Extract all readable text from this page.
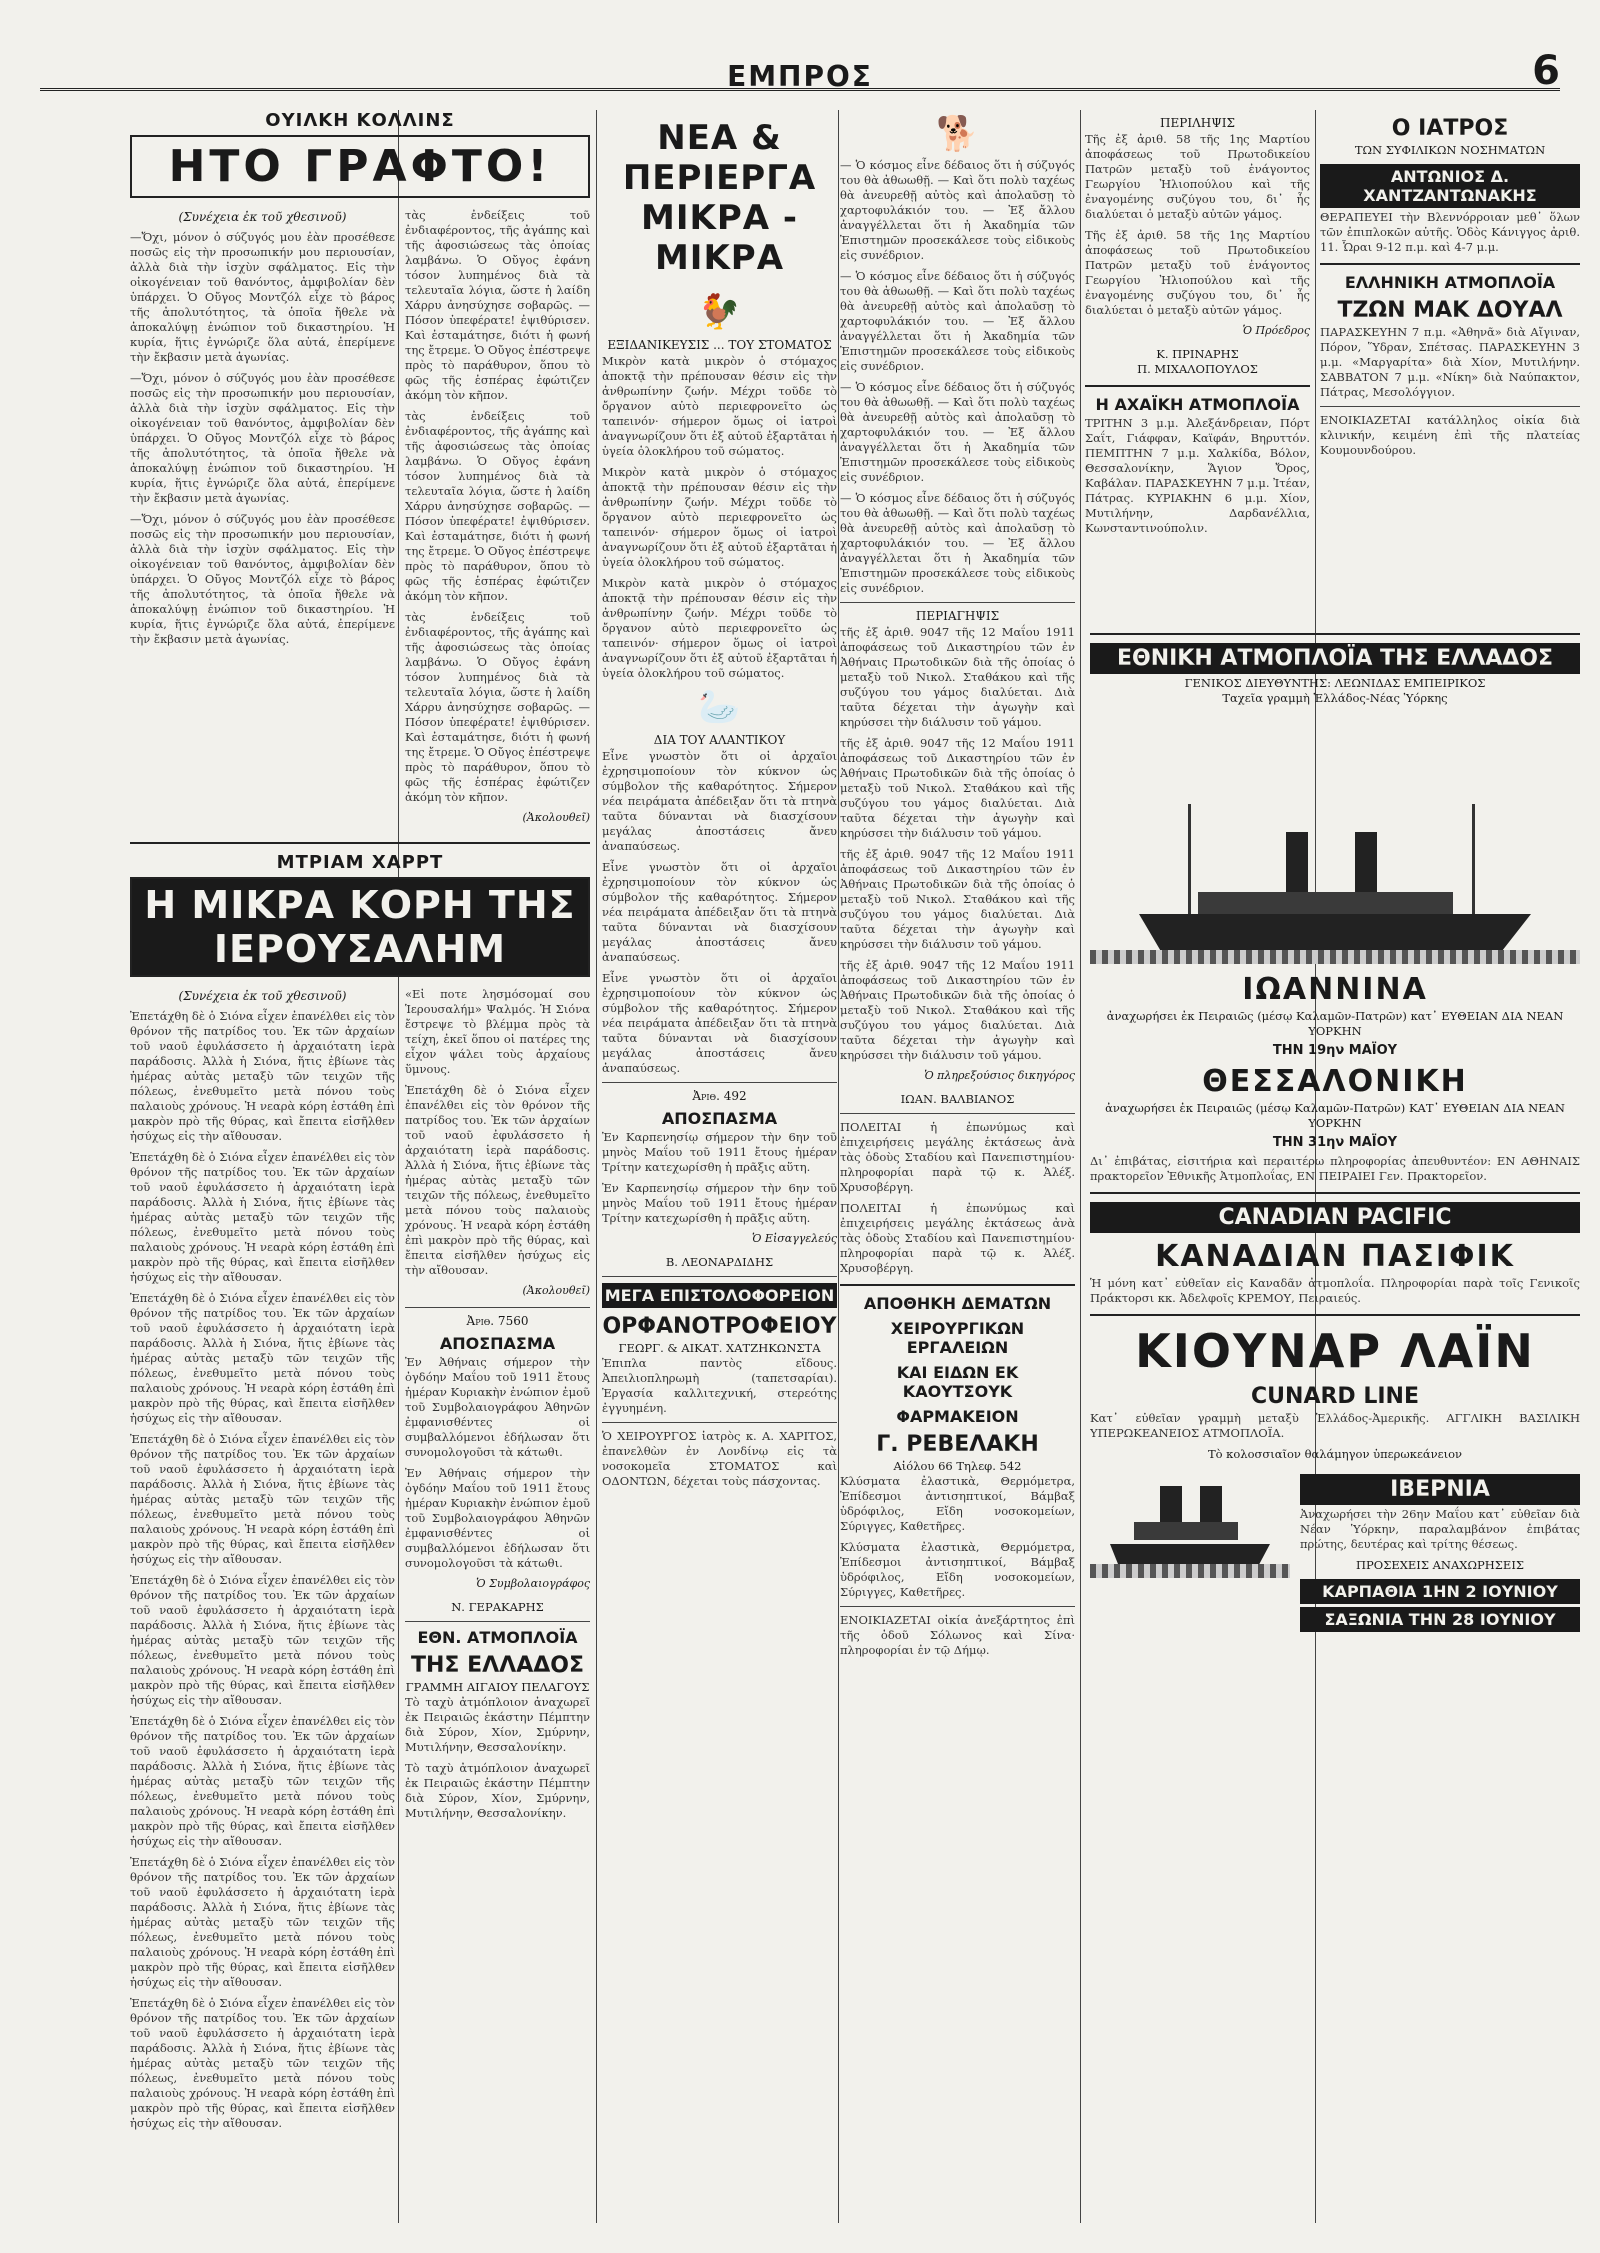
ΕΜΠΡΟΣ	6
ΟΥΙΛΚΗ ΚΟΛΛΙΝΣ
ΗΤΟ ΓΡΑΦΤΟ!
(Συνέχεια ἐκ τοῦ χθεσινοῦ)

—Ὄχι, μόνον ὁ σύζυγός μου ἐὰν προσέθεσε ποσῶς εἰς τὴν προσωπικήν μου περιουσίαν, ἀλλὰ διὰ τὴν ἰσχὺν σφάλματος. Εἰς τὴν οἰκογένειαν τοῦ θανόντος, ἀμφιβολίαν δὲν ὑπάρχει. Ὁ Οὔγος Μοντζόλ εἶχε τὸ βάρος τῆς ἀπολυτότητος, τὰ ὁποῖα ἤθελε νὰ ἀποκαλύψῃ ἐνώπιον τοῦ δικαστηρίου. Ἡ κυρία, ἥτις ἐγνώριζε ὅλα αὐτά, ἐπερίμενε τὴν ἔκβασιν μετὰ ἀγωνίας.

—Ὄχι, μόνον ὁ σύζυγός μου ἐὰν προσέθεσε ποσῶς εἰς τὴν προσωπικήν μου περιουσίαν, ἀλλὰ διὰ τὴν ἰσχὺν σφάλματος. Εἰς τὴν οἰκογένειαν τοῦ θανόντος, ἀμφιβολίαν δὲν ὑπάρχει. Ὁ Οὔγος Μοντζόλ εἶχε τὸ βάρος τῆς ἀπολυτότητος, τὰ ὁποῖα ἤθελε νὰ ἀποκαλύψῃ ἐνώπιον τοῦ δικαστηρίου. Ἡ κυρία, ἥτις ἐγνώριζε ὅλα αὐτά, ἐπερίμενε τὴν ἔκβασιν μετὰ ἀγωνίας.

—Ὄχι, μόνον ὁ σύζυγός μου ἐὰν προσέθεσε ποσῶς εἰς τὴν προσωπικήν μου περιουσίαν, ἀλλὰ διὰ τὴν ἰσχὺν σφάλματος. Εἰς τὴν οἰκογένειαν τοῦ θανόντος, ἀμφιβολίαν δὲν ὑπάρχει. Ὁ Οὔγος Μοντζόλ εἶχε τὸ βάρος τῆς ἀπολυτότητος, τὰ ὁποῖα ἤθελε νὰ ἀποκαλύψῃ ἐνώπιον τοῦ δικαστηρίου. Ἡ κυρία, ἥτις ἐγνώριζε ὅλα αὐτά, ἐπερίμενε τὴν ἔκβασιν μετὰ ἀγωνίας.

τὰς ἐνδείξεις τοῦ ἐνδιαφέροντος, τῆς ἀγάπης καὶ τῆς ἀφοσιώσεως τὰς ὁποίας λαμβάνω. Ὁ Οὔγος ἐφάνη τόσον λυπημένος διὰ τὰ τελευταῖα λόγια, ὥστε ἡ λαίδη Χάρρυ ἀνησύχησε σοβαρῶς. — Πόσον ὑπεφέρατε! ἐψιθύρισεν. Καὶ ἐσταμάτησε, διότι ἡ φωνή της ἔτρεμε. Ὁ Οὔγος ἐπέστρεψε πρὸς τὸ παράθυρον, ὅπου τὸ φῶς τῆς ἑσπέρας ἐφώτιζεν ἀκόμη τὸν κῆπον.

τὰς ἐνδείξεις τοῦ ἐνδιαφέροντος, τῆς ἀγάπης καὶ τῆς ἀφοσιώσεως τὰς ὁποίας λαμβάνω. Ὁ Οὔγος ἐφάνη τόσον λυπημένος διὰ τὰ τελευταῖα λόγια, ὥστε ἡ λαίδη Χάρρυ ἀνησύχησε σοβαρῶς. — Πόσον ὑπεφέρατε! ἐψιθύρισεν. Καὶ ἐσταμάτησε, διότι ἡ φωνή της ἔτρεμε. Ὁ Οὔγος ἐπέστρεψε πρὸς τὸ παράθυρον, ὅπου τὸ φῶς τῆς ἑσπέρας ἐφώτιζεν ἀκόμη τὸν κῆπον.

τὰς ἐνδείξεις τοῦ ἐνδιαφέροντος, τῆς ἀγάπης καὶ τῆς ἀφοσιώσεως τὰς ὁποίας λαμβάνω. Ὁ Οὔγος ἐφάνη τόσον λυπημένος διὰ τὰ τελευταῖα λόγια, ὥστε ἡ λαίδη Χάρρυ ἀνησύχησε σοβαρῶς. — Πόσον ὑπεφέρατε! ἐψιθύρισεν. Καὶ ἐσταμάτησε, διότι ἡ φωνή της ἔτρεμε. Ὁ Οὔγος ἐπέστρεψε πρὸς τὸ παράθυρον, ὅπου τὸ φῶς τῆς ἑσπέρας ἐφώτιζεν ἀκόμη τὸν κῆπον.

(Ἀκολουθεῖ)
ΜΤΡΙΑΜ ΧΑΡΡΤ
Η ΜΙΚΡΑ ΚΟΡΗ ΤΗΣ ΙΕΡΟΥΣΑΛΗΜ
(Συνέχεια ἐκ τοῦ χθεσινοῦ)

Ἐπετάχθη δὲ ὁ Σιόνα εἶχεν ἐπανέλθει εἰς τὸν θρόνον τῆς πατρίδος του. Ἐκ τῶν ἀρχαίων τοῦ ναοῦ ἐφυλάσσετο ἡ ἀρχαιότατη ἱερὰ παράδοσις. Ἀλλὰ ἡ Σιόνα, ἥτις ἐβίωνε τὰς ἡμέρας αὐτὰς μεταξὺ τῶν τειχῶν τῆς πόλεως, ἐνεθυμεῖτο μετὰ πόνου τοὺς παλαιοὺς χρόνους. Ἡ νεαρὰ κόρη ἐστάθη ἐπὶ μακρὸν πρὸ τῆς θύρας, καὶ ἔπειτα εἰσῆλθεν ἡσύχως εἰς τὴν αἴθουσαν.

Ἐπετάχθη δὲ ὁ Σιόνα εἶχεν ἐπανέλθει εἰς τὸν θρόνον τῆς πατρίδος του. Ἐκ τῶν ἀρχαίων τοῦ ναοῦ ἐφυλάσσετο ἡ ἀρχαιότατη ἱερὰ παράδοσις. Ἀλλὰ ἡ Σιόνα, ἥτις ἐβίωνε τὰς ἡμέρας αὐτὰς μεταξὺ τῶν τειχῶν τῆς πόλεως, ἐνεθυμεῖτο μετὰ πόνου τοὺς παλαιοὺς χρόνους. Ἡ νεαρὰ κόρη ἐστάθη ἐπὶ μακρὸν πρὸ τῆς θύρας, καὶ ἔπειτα εἰσῆλθεν ἡσύχως εἰς τὴν αἴθουσαν.

Ἐπετάχθη δὲ ὁ Σιόνα εἶχεν ἐπανέλθει εἰς τὸν θρόνον τῆς πατρίδος του. Ἐκ τῶν ἀρχαίων τοῦ ναοῦ ἐφυλάσσετο ἡ ἀρχαιότατη ἱερὰ παράδοσις. Ἀλλὰ ἡ Σιόνα, ἥτις ἐβίωνε τὰς ἡμέρας αὐτὰς μεταξὺ τῶν τειχῶν τῆς πόλεως, ἐνεθυμεῖτο μετὰ πόνου τοὺς παλαιοὺς χρόνους. Ἡ νεαρὰ κόρη ἐστάθη ἐπὶ μακρὸν πρὸ τῆς θύρας, καὶ ἔπειτα εἰσῆλθεν ἡσύχως εἰς τὴν αἴθουσαν.

Ἐπετάχθη δὲ ὁ Σιόνα εἶχεν ἐπανέλθει εἰς τὸν θρόνον τῆς πατρίδος του. Ἐκ τῶν ἀρχαίων τοῦ ναοῦ ἐφυλάσσετο ἡ ἀρχαιότατη ἱερὰ παράδοσις. Ἀλλὰ ἡ Σιόνα, ἥτις ἐβίωνε τὰς ἡμέρας αὐτὰς μεταξὺ τῶν τειχῶν τῆς πόλεως, ἐνεθυμεῖτο μετὰ πόνου τοὺς παλαιοὺς χρόνους. Ἡ νεαρὰ κόρη ἐστάθη ἐπὶ μακρὸν πρὸ τῆς θύρας, καὶ ἔπειτα εἰσῆλθεν ἡσύχως εἰς τὴν αἴθουσαν.

Ἐπετάχθη δὲ ὁ Σιόνα εἶχεν ἐπανέλθει εἰς τὸν θρόνον τῆς πατρίδος του. Ἐκ τῶν ἀρχαίων τοῦ ναοῦ ἐφυλάσσετο ἡ ἀρχαιότατη ἱερὰ παράδοσις. Ἀλλὰ ἡ Σιόνα, ἥτις ἐβίωνε τὰς ἡμέρας αὐτὰς μεταξὺ τῶν τειχῶν τῆς πόλεως, ἐνεθυμεῖτο μετὰ πόνου τοὺς παλαιοὺς χρόνους. Ἡ νεαρὰ κόρη ἐστάθη ἐπὶ μακρὸν πρὸ τῆς θύρας, καὶ ἔπειτα εἰσῆλθεν ἡσύχως εἰς τὴν αἴθουσαν.

Ἐπετάχθη δὲ ὁ Σιόνα εἶχεν ἐπανέλθει εἰς τὸν θρόνον τῆς πατρίδος του. Ἐκ τῶν ἀρχαίων τοῦ ναοῦ ἐφυλάσσετο ἡ ἀρχαιότατη ἱερὰ παράδοσις. Ἀλλὰ ἡ Σιόνα, ἥτις ἐβίωνε τὰς ἡμέρας αὐτὰς μεταξὺ τῶν τειχῶν τῆς πόλεως, ἐνεθυμεῖτο μετὰ πόνου τοὺς παλαιοὺς χρόνους. Ἡ νεαρὰ κόρη ἐστάθη ἐπὶ μακρὸν πρὸ τῆς θύρας, καὶ ἔπειτα εἰσῆλθεν ἡσύχως εἰς τὴν αἴθουσαν.

Ἐπετάχθη δὲ ὁ Σιόνα εἶχεν ἐπανέλθει εἰς τὸν θρόνον τῆς πατρίδος του. Ἐκ τῶν ἀρχαίων τοῦ ναοῦ ἐφυλάσσετο ἡ ἀρχαιότατη ἱερὰ παράδοσις. Ἀλλὰ ἡ Σιόνα, ἥτις ἐβίωνε τὰς ἡμέρας αὐτὰς μεταξὺ τῶν τειχῶν τῆς πόλεως, ἐνεθυμεῖτο μετὰ πόνου τοὺς παλαιοὺς χρόνους. Ἡ νεαρὰ κόρη ἐστάθη ἐπὶ μακρὸν πρὸ τῆς θύρας, καὶ ἔπειτα εἰσῆλθεν ἡσύχως εἰς τὴν αἴθουσαν.

Ἐπετάχθη δὲ ὁ Σιόνα εἶχεν ἐπανέλθει εἰς τὸν θρόνον τῆς πατρίδος του. Ἐκ τῶν ἀρχαίων τοῦ ναοῦ ἐφυλάσσετο ἡ ἀρχαιότατη ἱερὰ παράδοσις. Ἀλλὰ ἡ Σιόνα, ἥτις ἐβίωνε τὰς ἡμέρας αὐτὰς μεταξὺ τῶν τειχῶν τῆς πόλεως, ἐνεθυμεῖτο μετὰ πόνου τοὺς παλαιοὺς χρόνους. Ἡ νεαρὰ κόρη ἐστάθη ἐπὶ μακρὸν πρὸ τῆς θύρας, καὶ ἔπειτα εἰσῆλθεν ἡσύχως εἰς τὴν αἴθουσαν.

«Εἰ ποτε λησμόσομαί σου Ἱερουσαλήμ» Ψαλμός. Ἡ Σιόνα ἔστρεψε τὸ βλέμμα πρὸς τὰ τείχη, ἐκεῖ ὅπου οἱ πατέρες της εἶχον ψάλει τοὺς ἀρχαίους ὕμνους.

Ἐπετάχθη δὲ ὁ Σιόνα εἶχεν ἐπανέλθει εἰς τὸν θρόνον τῆς πατρίδος του. Ἐκ τῶν ἀρχαίων τοῦ ναοῦ ἐφυλάσσετο ἡ ἀρχαιότατη ἱερὰ παράδοσις. Ἀλλὰ ἡ Σιόνα, ἥτις ἐβίωνε τὰς ἡμέρας αὐτὰς μεταξὺ τῶν τειχῶν τῆς πόλεως, ἐνεθυμεῖτο μετὰ πόνου τοὺς παλαιοὺς χρόνους. Ἡ νεαρὰ κόρη ἐστάθη ἐπὶ μακρὸν πρὸ τῆς θύρας, καὶ ἔπειτα εἰσῆλθεν ἡσύχως εἰς τὴν αἴθουσαν.

(Ἀκολουθεῖ)
Ἀριθ. 7560
ΑΠΟΣΠΑΣΜΑ

Ἐν Ἀθήναις σήμερον τὴν ὀγδόην Μαΐου τοῦ 1911 ἔτους ἡμέραν Κυριακὴν ἐνώπιον ἐμοῦ τοῦ Συμβολαιογράφου Ἀθηνῶν ἐμφανισθέντες οἱ συμβαλλόμενοι ἐδήλωσαν ὅτι συνομολογοῦσι τὰ κάτωθι.

Ἐν Ἀθήναις σήμερον τὴν ὀγδόην Μαΐου τοῦ 1911 ἔτους ἡμέραν Κυριακὴν ἐνώπιον ἐμοῦ τοῦ Συμβολαιογράφου Ἀθηνῶν ἐμφανισθέντες οἱ συμβαλλόμενοι ἐδήλωσαν ὅτι συνομολογοῦσι τὰ κάτωθι.

Ὁ Συμβολαιογράφος
Ν. ΓΕΡΑΚΑΡΗΣ
ΕΘΝ. ΑΤΜΟΠΛΟΪΑ
ΤΗΣ ΕΛΛΑΔΟΣ
ΓΡΑΜΜΗ ΑΙΓΑΙΟΥ ΠΕΛΑΓΟΥΣ

Τὸ ταχὺ ἀτμόπλοιον ἀναχωρεῖ ἐκ Πειραιῶς ἑκάστην Πέμπτην διὰ Σύρον, Χίον, Σμύρνην, Μυτιλήνην, Θεσσαλονίκην.

Τὸ ταχὺ ἀτμόπλοιον ἀναχωρεῖ ἐκ Πειραιῶς ἑκάστην Πέμπτην διὰ Σύρον, Χίον, Σμύρνην, Μυτιλήνην, Θεσσαλονίκην.

ΝΕΑ & ΠΕΡΙΕΡΓΑ ΜΙΚΡΑ - ΜΙΚΡΑ
🐓
ΕΞΙΔΑΝΙΚΕΥΣΙΣ ... ΤΟΥ ΣΤΟΜΑΤΟΣ

Μικρὸν κατὰ μικρὸν ὁ στόμαχος ἀποκτᾷ τὴν πρέπουσαν θέσιν εἰς τὴν ἀνθρωπίνην ζωήν. Μέχρι τοῦδε τὸ ὄργανον αὐτὸ περιεφρονεῖτο ὡς ταπεινόν· σήμερον ὅμως οἱ ἰατροὶ ἀναγνωρίζουν ὅτι ἐξ αὐτοῦ ἐξαρτᾶται ἡ ὑγεία ὁλοκλήρου τοῦ σώματος.

Μικρὸν κατὰ μικρὸν ὁ στόμαχος ἀποκτᾷ τὴν πρέπουσαν θέσιν εἰς τὴν ἀνθρωπίνην ζωήν. Μέχρι τοῦδε τὸ ὄργανον αὐτὸ περιεφρονεῖτο ὡς ταπεινόν· σήμερον ὅμως οἱ ἰατροὶ ἀναγνωρίζουν ὅτι ἐξ αὐτοῦ ἐξαρτᾶται ἡ ὑγεία ὁλοκλήρου τοῦ σώματος.

Μικρὸν κατὰ μικρὸν ὁ στόμαχος ἀποκτᾷ τὴν πρέπουσαν θέσιν εἰς τὴν ἀνθρωπίνην ζωήν. Μέχρι τοῦδε τὸ ὄργανον αὐτὸ περιεφρονεῖτο ὡς ταπεινόν· σήμερον ὅμως οἱ ἰατροὶ ἀναγνωρίζουν ὅτι ἐξ αὐτοῦ ἐξαρτᾶται ἡ ὑγεία ὁλοκλήρου τοῦ σώματος.

🦢
ΔΙΑ ΤΟΥ ΑΛΑΝΤΙΚΟΥ

Εἶνε γνωστὸν ὅτι οἱ ἀρχαῖοι ἐχρησιμοποίουν τὸν κύκνον ὡς σύμβολον τῆς καθαρότητος. Σήμερον νέα πειράματα ἀπέδειξαν ὅτι τὰ πτηνὰ ταῦτα δύνανται νὰ διασχίσουν μεγάλας ἀποστάσεις ἄνευ ἀναπαύσεως.

Εἶνε γνωστὸν ὅτι οἱ ἀρχαῖοι ἐχρησιμοποίουν τὸν κύκνον ὡς σύμβολον τῆς καθαρότητος. Σήμερον νέα πειράματα ἀπέδειξαν ὅτι τὰ πτηνὰ ταῦτα δύνανται νὰ διασχίσουν μεγάλας ἀποστάσεις ἄνευ ἀναπαύσεως.

Εἶνε γνωστὸν ὅτι οἱ ἀρχαῖοι ἐχρησιμοποίουν τὸν κύκνον ὡς σύμβολον τῆς καθαρότητος. Σήμερον νέα πειράματα ἀπέδειξαν ὅτι τὰ πτηνὰ ταῦτα δύνανται νὰ διασχίσουν μεγάλας ἀποστάσεις ἄνευ ἀναπαύσεως.

Ἀριθ. 492
ΑΠΟΣΠΑΣΜΑ

Ἐν Καρπενησίῳ σήμερον τὴν 6ην τοῦ μηνὸς Μαΐου τοῦ 1911 ἔτους ἡμέραν Τρίτην κατεχωρίσθη ἡ πρᾶξις αὕτη.

Ἐν Καρπενησίῳ σήμερον τὴν 6ην τοῦ μηνὸς Μαΐου τοῦ 1911 ἔτους ἡμέραν Τρίτην κατεχωρίσθη ἡ πρᾶξις αὕτη.

Ὁ Εἰσαγγελεύς
Β. ΛΕΟΝΑΡΔΙΔΗΣ
ΜΕΓΑ ΕΠΙΣΤΟΛΟΦΟΡΕΙΟΝ
ΟΡΦΑΝΟΤΡΟΦΕΙΟΥ
ΓΕΩΡΓ. & ΑΙΚΑΤ. ΧΑΤΖΗΚΩΝΣΤΑ

Ἐπιπλα παντὸς εἴδους. Ἀπειλιοπληρωμὴ (ταπετσαρίαι). Ἐργασία καλλιτεχνική, στερεότης ἐγγυημένη.

Ὁ ΧΕΙΡΟΥΡΓΟΣ ἰατρὸς κ. Α. ΧΑΡΙΤΟΣ, ἐπανελθὼν ἐν Λονδίνῳ εἰς τὰ νοσοκομεῖα ΣΤΟΜΑΤΟΣ καὶ ΟΔΟΝΤΩΝ, δέχεται τοὺς πάσχοντας.

🐕

— Ὁ κόσμος εἶνε δέδαιος ὅτι ἡ σύζυγός του θὰ ἀθωωθῇ. — Καὶ ὅτι πολὺ ταχέως θὰ ἀνευρεθῇ αὐτὸς καὶ ἀπολαῦσῃ τὸ χαρτοφυλάκιόν του. — Ἐξ ἄλλου ἀναγγέλλεται ὅτι ἡ Ἀκαδημία τῶν Ἐπιστημῶν προσεκάλεσε τοὺς εἰδικοὺς εἰς συνέδριον.

— Ὁ κόσμος εἶνε δέδαιος ὅτι ἡ σύζυγός του θὰ ἀθωωθῇ. — Καὶ ὅτι πολὺ ταχέως θὰ ἀνευρεθῇ αὐτὸς καὶ ἀπολαῦσῃ τὸ χαρτοφυλάκιόν του. — Ἐξ ἄλλου ἀναγγέλλεται ὅτι ἡ Ἀκαδημία τῶν Ἐπιστημῶν προσεκάλεσε τοὺς εἰδικοὺς εἰς συνέδριον.

— Ὁ κόσμος εἶνε δέδαιος ὅτι ἡ σύζυγός του θὰ ἀθωωθῇ. — Καὶ ὅτι πολὺ ταχέως θὰ ἀνευρεθῇ αὐτὸς καὶ ἀπολαῦσῃ τὸ χαρτοφυλάκιόν του. — Ἐξ ἄλλου ἀναγγέλλεται ὅτι ἡ Ἀκαδημία τῶν Ἐπιστημῶν προσεκάλεσε τοὺς εἰδικοὺς εἰς συνέδριον.

— Ὁ κόσμος εἶνε δέδαιος ὅτι ἡ σύζυγός του θὰ ἀθωωθῇ. — Καὶ ὅτι πολὺ ταχέως θὰ ἀνευρεθῇ αὐτὸς καὶ ἀπολαῦσῃ τὸ χαρτοφυλάκιόν του. — Ἐξ ἄλλου ἀναγγέλλεται ὅτι ἡ Ἀκαδημία τῶν Ἐπιστημῶν προσεκάλεσε τοὺς εἰδικοὺς εἰς συνέδριον.

ΠΕΡΙΑΓΗΨΙΣ

τῆς ἐξ ἀριθ. 9047 τῆς 12 Μαΐου 1911 ἀποφάσεως τοῦ Δικαστηρίου τῶν ἐν Ἀθήναις Πρωτοδικῶν διὰ τῆς ὁποίας ὁ μεταξὺ τοῦ Νικολ. Σταθάκου καὶ τῆς συζύγου του γάμος διαλύεται. Διὰ ταῦτα δέχεται τὴν ἀγωγὴν καὶ κηρύσσει τὴν διάλυσιν τοῦ γάμου.

τῆς ἐξ ἀριθ. 9047 τῆς 12 Μαΐου 1911 ἀποφάσεως τοῦ Δικαστηρίου τῶν ἐν Ἀθήναις Πρωτοδικῶν διὰ τῆς ὁποίας ὁ μεταξὺ τοῦ Νικολ. Σταθάκου καὶ τῆς συζύγου του γάμος διαλύεται. Διὰ ταῦτα δέχεται τὴν ἀγωγὴν καὶ κηρύσσει τὴν διάλυσιν τοῦ γάμου.

τῆς ἐξ ἀριθ. 9047 τῆς 12 Μαΐου 1911 ἀποφάσεως τοῦ Δικαστηρίου τῶν ἐν Ἀθήναις Πρωτοδικῶν διὰ τῆς ὁποίας ὁ μεταξὺ τοῦ Νικολ. Σταθάκου καὶ τῆς συζύγου του γάμος διαλύεται. Διὰ ταῦτα δέχεται τὴν ἀγωγὴν καὶ κηρύσσει τὴν διάλυσιν τοῦ γάμου.

τῆς ἐξ ἀριθ. 9047 τῆς 12 Μαΐου 1911 ἀποφάσεως τοῦ Δικαστηρίου τῶν ἐν Ἀθήναις Πρωτοδικῶν διὰ τῆς ὁποίας ὁ μεταξὺ τοῦ Νικολ. Σταθάκου καὶ τῆς συζύγου του γάμος διαλύεται. Διὰ ταῦτα δέχεται τὴν ἀγωγὴν καὶ κηρύσσει τὴν διάλυσιν τοῦ γάμου.

Ὁ πληρεξούσιος δικηγόρος
ΙΩΑΝ. ΒΑΛΒΙΑΝΟΣ

ΠΟΛΕΙΤΑΙ ἡ ἐπωνύμως καὶ ἐπιχειρήσεις μεγάλης ἐκτάσεως ἀνὰ τὰς ὁδοὺς Σταδίου καὶ Πανεπιστημίου· πληροφορίαι παρὰ τῷ κ. Ἀλέξ. Χρυσοβέργη.

ΠΟΛΕΙΤΑΙ ἡ ἐπωνύμως καὶ ἐπιχειρήσεις μεγάλης ἐκτάσεως ἀνὰ τὰς ὁδοὺς Σταδίου καὶ Πανεπιστημίου· πληροφορίαι παρὰ τῷ κ. Ἀλέξ. Χρυσοβέργη.

ΑΠΟΘΗΚΗ ΔΕΜΑΤΩΝ
ΧΕΙΡΟΥΡΓΙΚΩΝ ΕΡΓΑΛΕΙΩΝ
ΚΑΙ ΕΙΔΩΝ ΕΚ ΚΑΟΥΤΣΟΥΚ
ΦΑΡΜΑΚΕΙΟΝ
Γ. ΡΕΒΕΛΑΚΗ
Αἰόλου 66 Τηλεφ. 542

Κλύσματα ἐλαστικὰ, Θερμόμετρα, Ἐπίδεσμοι ἀντισηπτικοί, Βάμβαξ ὑδρόφιλος, Εἴδη νοσοκομείων, Σύριγγες, Καθετῆρες.

Κλύσματα ἐλαστικὰ, Θερμόμετρα, Ἐπίδεσμοι ἀντισηπτικοί, Βάμβαξ ὑδρόφιλος, Εἴδη νοσοκομείων, Σύριγγες, Καθετῆρες.

ΕΝΟΙΚΙΑΖΕΤΑΙ οἰκία ἀνεξάρτητος ἐπὶ τῆς ὁδοῦ Σόλωνος καὶ Σίνα· πληροφορίαι ἐν τῷ Δήμῳ.

ΠΕΡΙΛΗΨΙΣ

Τῆς ἐξ ἀριθ. 58 τῆς 1ης Μαρτίου ἀποφάσεως τοῦ Πρωτοδικείου Πατρῶν μεταξὺ τοῦ ἐνάγοντος Γεωργίου Ἠλιοπούλου καὶ τῆς ἐναγομένης συζύγου του, δι᾽ ἧς διαλύεται ὁ μεταξὺ αὐτῶν γάμος.

Τῆς ἐξ ἀριθ. 58 τῆς 1ης Μαρτίου ἀποφάσεως τοῦ Πρωτοδικείου Πατρῶν μεταξὺ τοῦ ἐνάγοντος Γεωργίου Ἠλιοπούλου καὶ τῆς ἐναγομένης συζύγου του, δι᾽ ἧς διαλύεται ὁ μεταξὺ αὐτῶν γάμος.

Ὁ Πρόεδρος
Κ. ΠΡΙΝΑΡΗΣ
Π. ΜΙΧΑΛΟΠΟΥΛΟΣ
Η ΑΧΑΪΚΗ ΑΤΜΟΠΛΟΪΑ

ΤΡΙΤΗΝ 3 μ.μ. Ἀλεξάνδρειαν, Πόρτ Σαΐτ, Γιάφφαν, Καϊφάν, Βηρυττόν. ΠΕΜΠΤΗΝ 7 μ.μ. Χαλκίδα, Βόλον, Θεσσαλονίκην, Ἅγιον Ὄρος, Καβάλαν. ΠΑΡΑΣΚΕΥΗΝ 7 μ.μ. Ἰτέαν, Πάτρας. ΚΥΡΙΑΚΗΝ 6 μ.μ. Χίον, Μυτιλήνην, Δαρδανέλλια, Κωνσταντινούπολιν.

Ο ΙΑΤΡΟΣ
ΤΩΝ ΣΥΦΙΛΙΚΩΝ ΝΟΣΗΜΑΤΩΝ
ΑΝΤΩΝΙΟΣ Δ. ΧΑΝΤΖΑΝΤΩΝΑΚΗΣ

ΘΕΡΑΠΕΥΕΙ τὴν Βλεννόρροιαν μεθ᾽ ὅλων τῶν ἐπιπλοκῶν αὐτῆς. Ὁδὸς Κάνιγγος ἀριθ. 11. Ὧραι 9-12 π.μ. καὶ 4-7 μ.μ.

ΕΛΛΗΝΙΚΗ ΑΤΜΟΠΛΟΪΑ
ΤΖΩΝ ΜΑΚ ΔΟΥΑΛ

ΠΑΡΑΣΚΕΥΗΝ 7 π.μ. «Ἀθηνᾶ» διὰ Αἴγιναν, Πόρον, Ὕδραν, Σπέτσας. ΠΑΡΑΣΚΕΥΗΝ 3 μ.μ. «Μαργαρίτα» διὰ Χίον, Μυτιλήνην. ΣΑΒΒΑΤΟΝ 7 μ.μ. «Νίκη» διὰ Ναύπακτον, Πάτρας, Μεσολόγγιον.

ΕΝΟΙΚΙΑΖΕΤΑΙ κατάλληλος οἰκία διὰ κλινικήν, κειμένη ἐπὶ τῆς πλατείας Κουμουνδούρου.

ΕΘΝΙΚΗ ΑΤΜΟΠΛΟΪΑ ΤΗΣ ΕΛΛΑΔΟΣ
ΓΕΝΙΚΟΣ ΔΙΕΥΘΥΝΤΗΣ: ΛΕΩΝΙΔΑΣ ΕΜΠΕΙΡΙΚΟΣ
Ταχεῖα γραμμὴ Ἑλλάδος-Νέας Ὑόρκης
ΙΩΑΝΝΙΝΑ
ἀναχωρήσει ἐκ Πειραιῶς (μέσῳ Καλαμῶν-Πατρῶν) κατ᾽ ΕΥΘΕΙΑΝ ΔΙΑ ΝΕΑΝ ΥΟΡΚΗΝ
ΤΗΝ 19ην ΜΑΪΟΥ
ΘΕΣΣΑΛΟΝΙΚΗ
ἀναχωρήσει ἐκ Πειραιῶς (μέσῳ Καλαμῶν-Πατρῶν) ΚΑΤ᾽ ΕΥΘΕΙΑΝ ΔΙΑ ΝΕΑΝ ΥΟΡΚΗΝ
ΤΗΝ 31ην ΜΑΪΟΥ

Δι᾽ ἐπιβάτας, εἰσιτήρια καὶ περαιτέρω πληροφορίας ἀπευθυντέον: ΕΝ ΑΘΗΝΑΙΣ πρακτορεῖον Ἐθνικῆς Ἀτμοπλοΐας, ΕΝ ΠΕΙΡΑΙΕΙ Γεν. Πρακτορεῖον.

CANADIAN PACIFIC
ΚΑΝΑΔΙΑΝ ΠΑΣΙΦΙΚ

Ἡ μόνη κατ᾽ εὐθεῖαν εἰς Καναδᾶν ἀτμοπλοΐα. Πληροφορίαι παρὰ τοῖς Γενικοῖς Πράκτορσι κκ. Ἀδελφοῖς ΚΡΕΜΟΥ, Πειραιεύς.

ΚΙΟΥΝΑΡ ΛΑΪΝ
CUNARD LINE

Κατ᾽ εὐθεῖαν γραμμὴ μεταξὺ Ἑλλάδος-Ἀμερικῆς. ΑΓΓΛΙΚΗ ΒΑΣΙΛΙΚΗ ΥΠΕΡΩΚΕΑΝΕΙΟΣ ΑΤΜΟΠΛΟΪΑ.

Τὸ κολοσσιαῖον θαλάμηγον ὑπερωκεάνειον
ΙΒΕΡΝΙΑ

Ἀναχωρήσει τὴν 26ην Μαΐου κατ᾽ εὐθεῖαν διὰ Νέαν Ὑόρκην, παραλαμβάνον ἐπιβάτας πρώτης, δευτέρας καὶ τρίτης θέσεως.

ΠΡΟΣΕΧΕΙΣ ΑΝΑΧΩΡΗΣΕΙΣ
ΚΑΡΠΑΘΙΑ 1ΗΝ 2 ΙΟΥΝΙΟΥ
ΣΑΞΩΝΙΑ ΤΗΝ 28 ΙΟΥΝΙΟΥ
